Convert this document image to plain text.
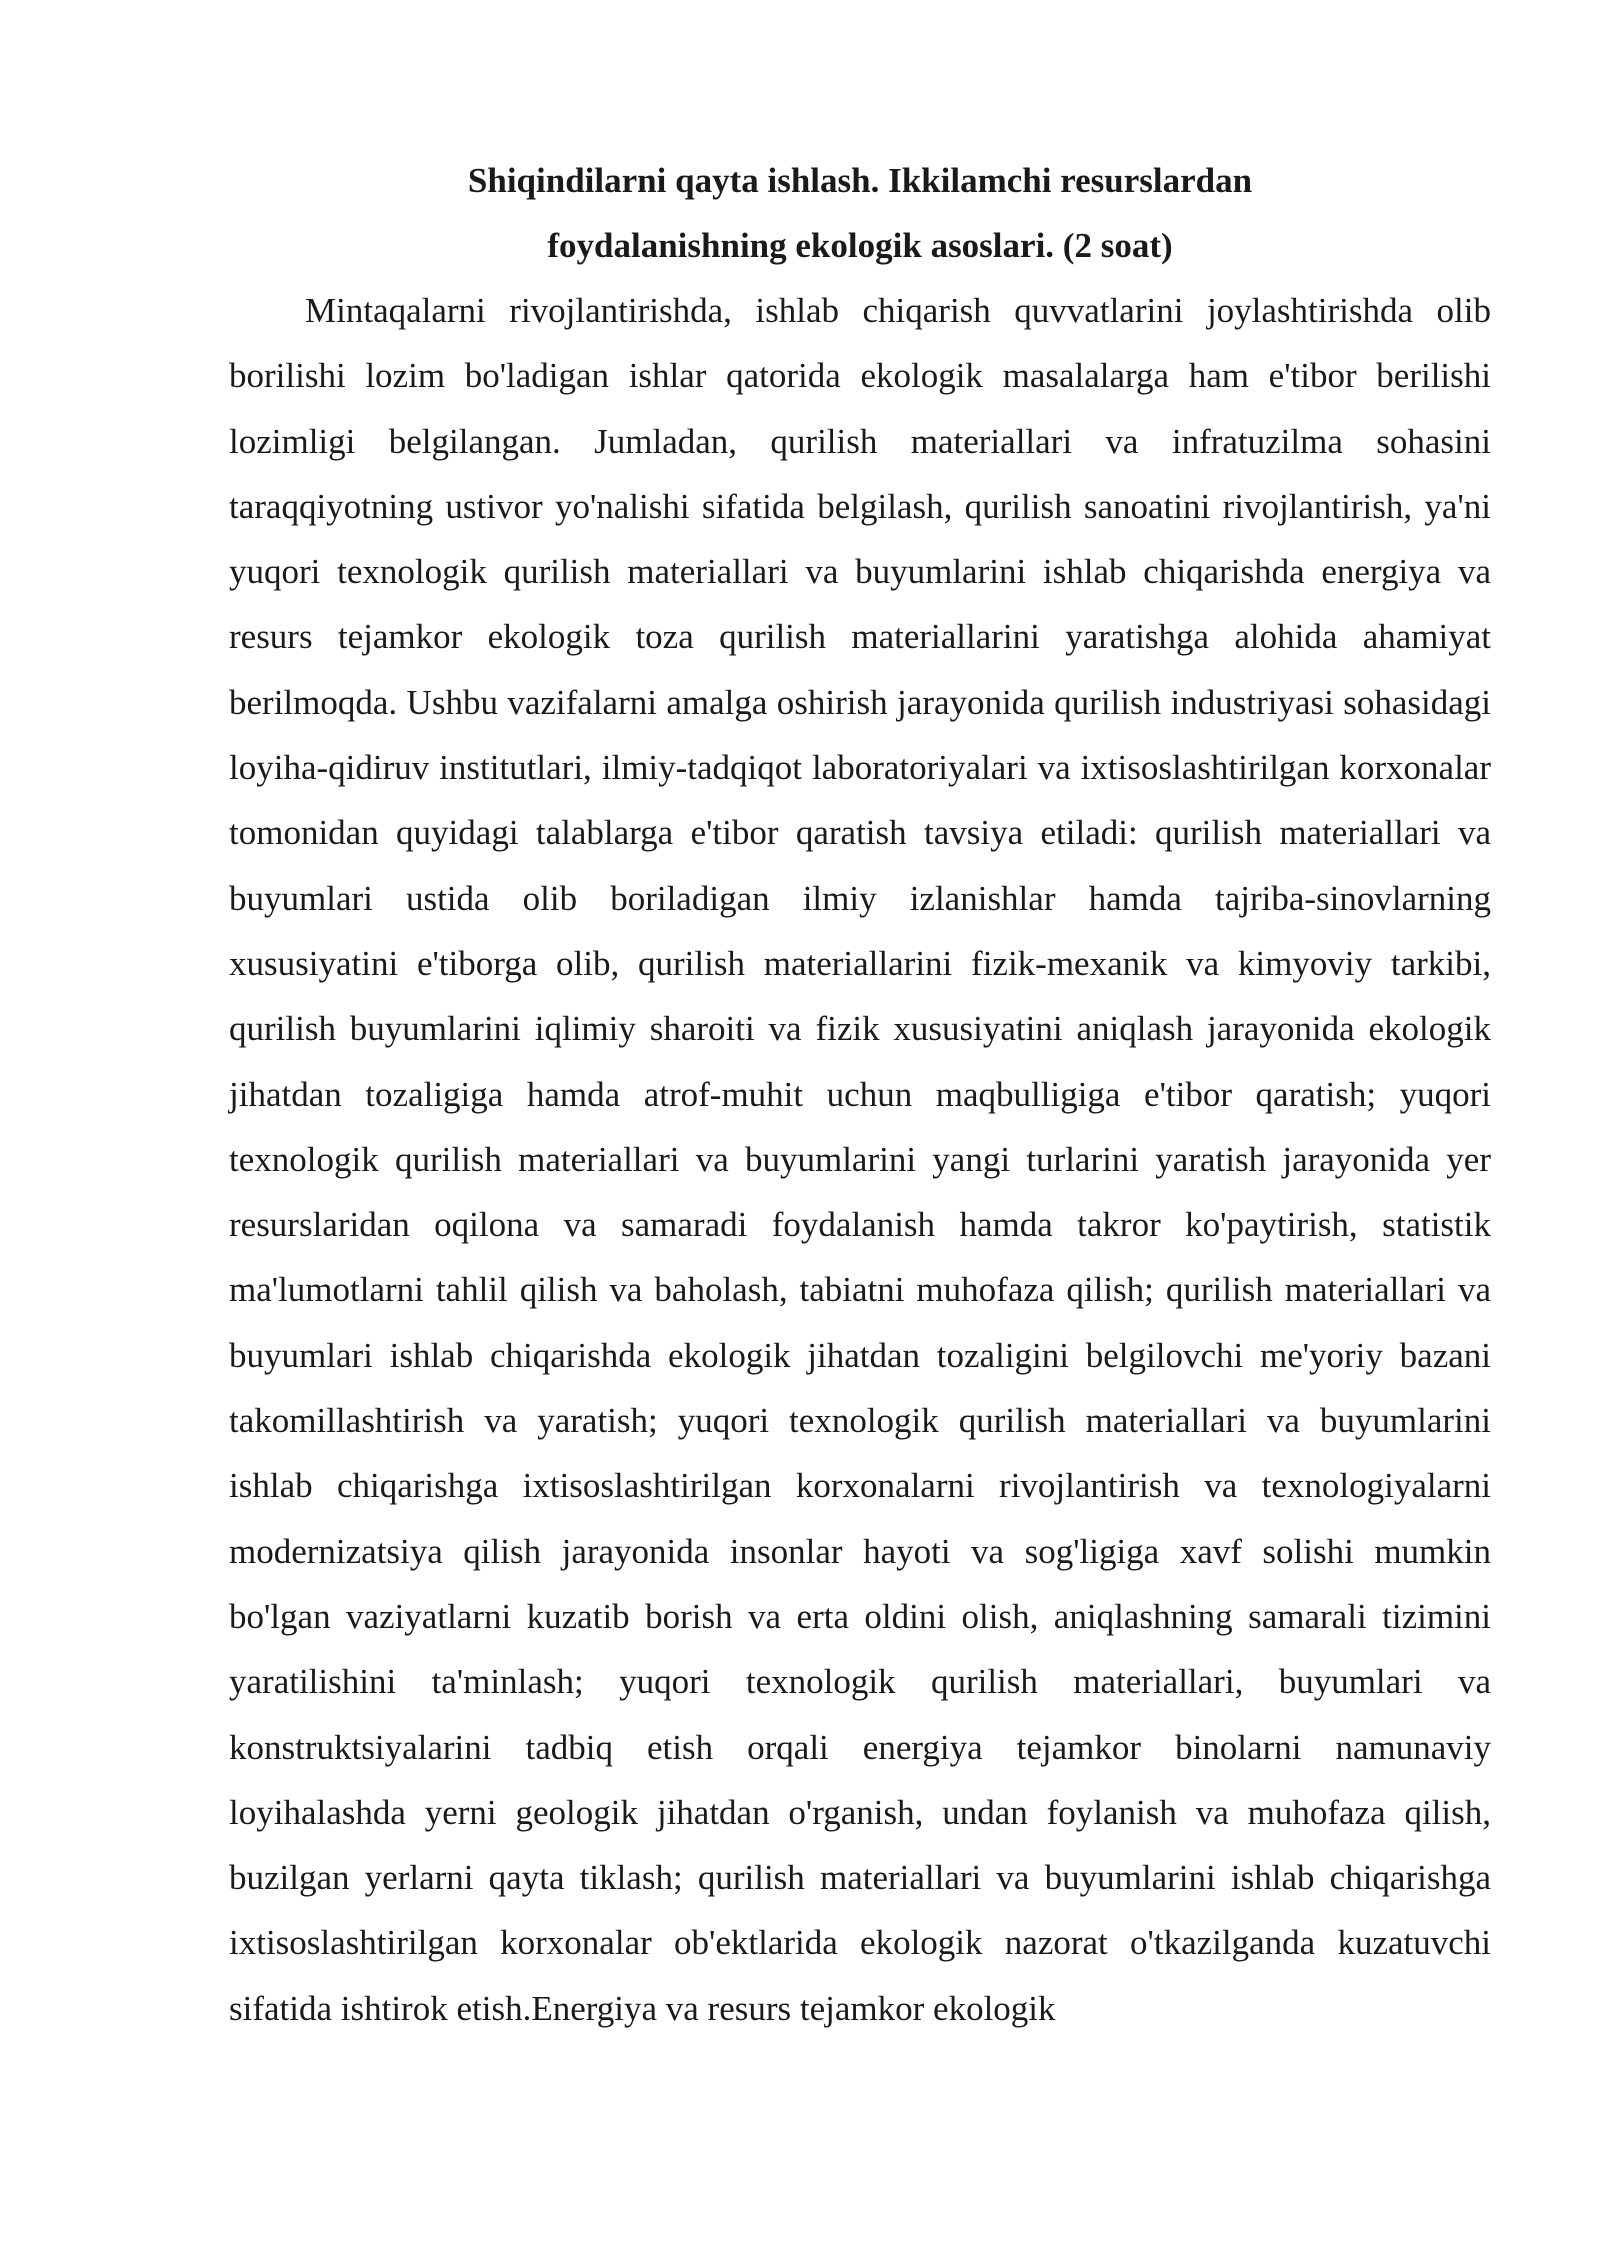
Shiqindilarni qayta ishlash. Ikkilamchi resurslardan

foydalanishning ekologik asoslari. (2 soat)

Mintaqalarni rivojlantirishda, ishlab chiqarish quvvatlarini joylashtirishda olib borilishi lozim bo'ladigan ishlar qatorida ekologik masalalarga ham e'tibor berilishi lozimligi belgilangan. Jumladan, qurilish materiallari va infratuzilma sohasini taraqqiyotning ustivor yo'nalishi sifatida belgilash, qurilish sanoatini rivojlantirish, ya'ni yuqori texnologik qurilish materiallari va buyumlarini ishlab chiqarishda energiya va resurs tejamkor ekologik toza qurilish materiallarini yaratishga alohida ahamiyat berilmoqda. Ushbu vazifalarni amalga oshirish jarayonida qurilish industriyasi sohasidagi loyiha-qidiruv institutlari, ilmiy-tadqiqot laboratoriyalari va ixtisoslashtirilgan korxonalar tomonidan quyidagi talablarga e'tibor qaratish tavsiya etiladi: qurilish materiallari va buyumlari ustida olib boriladigan ilmiy izlanishlar hamda tajriba-sinovlarning xususiyatini e'tiborga olib, qurilish materiallarini fizik-mexanik va kimyoviy tarkibi, qurilish buyumlarini iqlimiy sharoiti va fizik xususiyatini aniqlash jarayonida ekologik jihatdan tozaligiga hamda atrof-muhit uchun maqbulligiga e'tibor qaratish; yuqori texnologik qurilish materiallari va buyumlarini yangi turlarini yaratish jarayonida yer resurslaridan oqilona va samaradi foydalanish hamda takror ko'paytirish, statistik ma'lumotlarni tahlil qilish va baholash, tabiatni muhofaza qilish; qurilish materiallari va buyumlari ishlab chiqarishda ekologik jihatdan tozaligini belgilovchi me'yoriy bazani takomillashtirish va yaratish; yuqori texnologik qurilish materiallari va buyumlarini ishlab chiqarishga ixtisoslashtirilgan korxonalarni rivojlantirish va texnologiyalarni modernizatsiya qilish jarayonida insonlar hayoti va sog'ligiga xavf solishi mumkin bo'lgan vaziyatlarni kuzatib borish va erta oldini olish, aniqlashning samarali tizimini yaratilishini ta'minlash; yuqori texnologik qurilish materiallari, buyumlari va konstruktsiyalarini tadbiq etish orqali energiya tejamkor binolarni namunaviy loyihalashda yerni geologik jihatdan o'rganish, undan foylanish va muhofaza qilish, buzilgan yerlarni qayta tiklash; qurilish materiallari va buyumlarini ishlab chiqarishga ixtisoslashtirilgan korxonalar ob'ektlarida ekologik nazorat o'tkazilganda kuzatuvchi sifatida ishtirok etish.Energiya va resurs tejamkor ekologik
